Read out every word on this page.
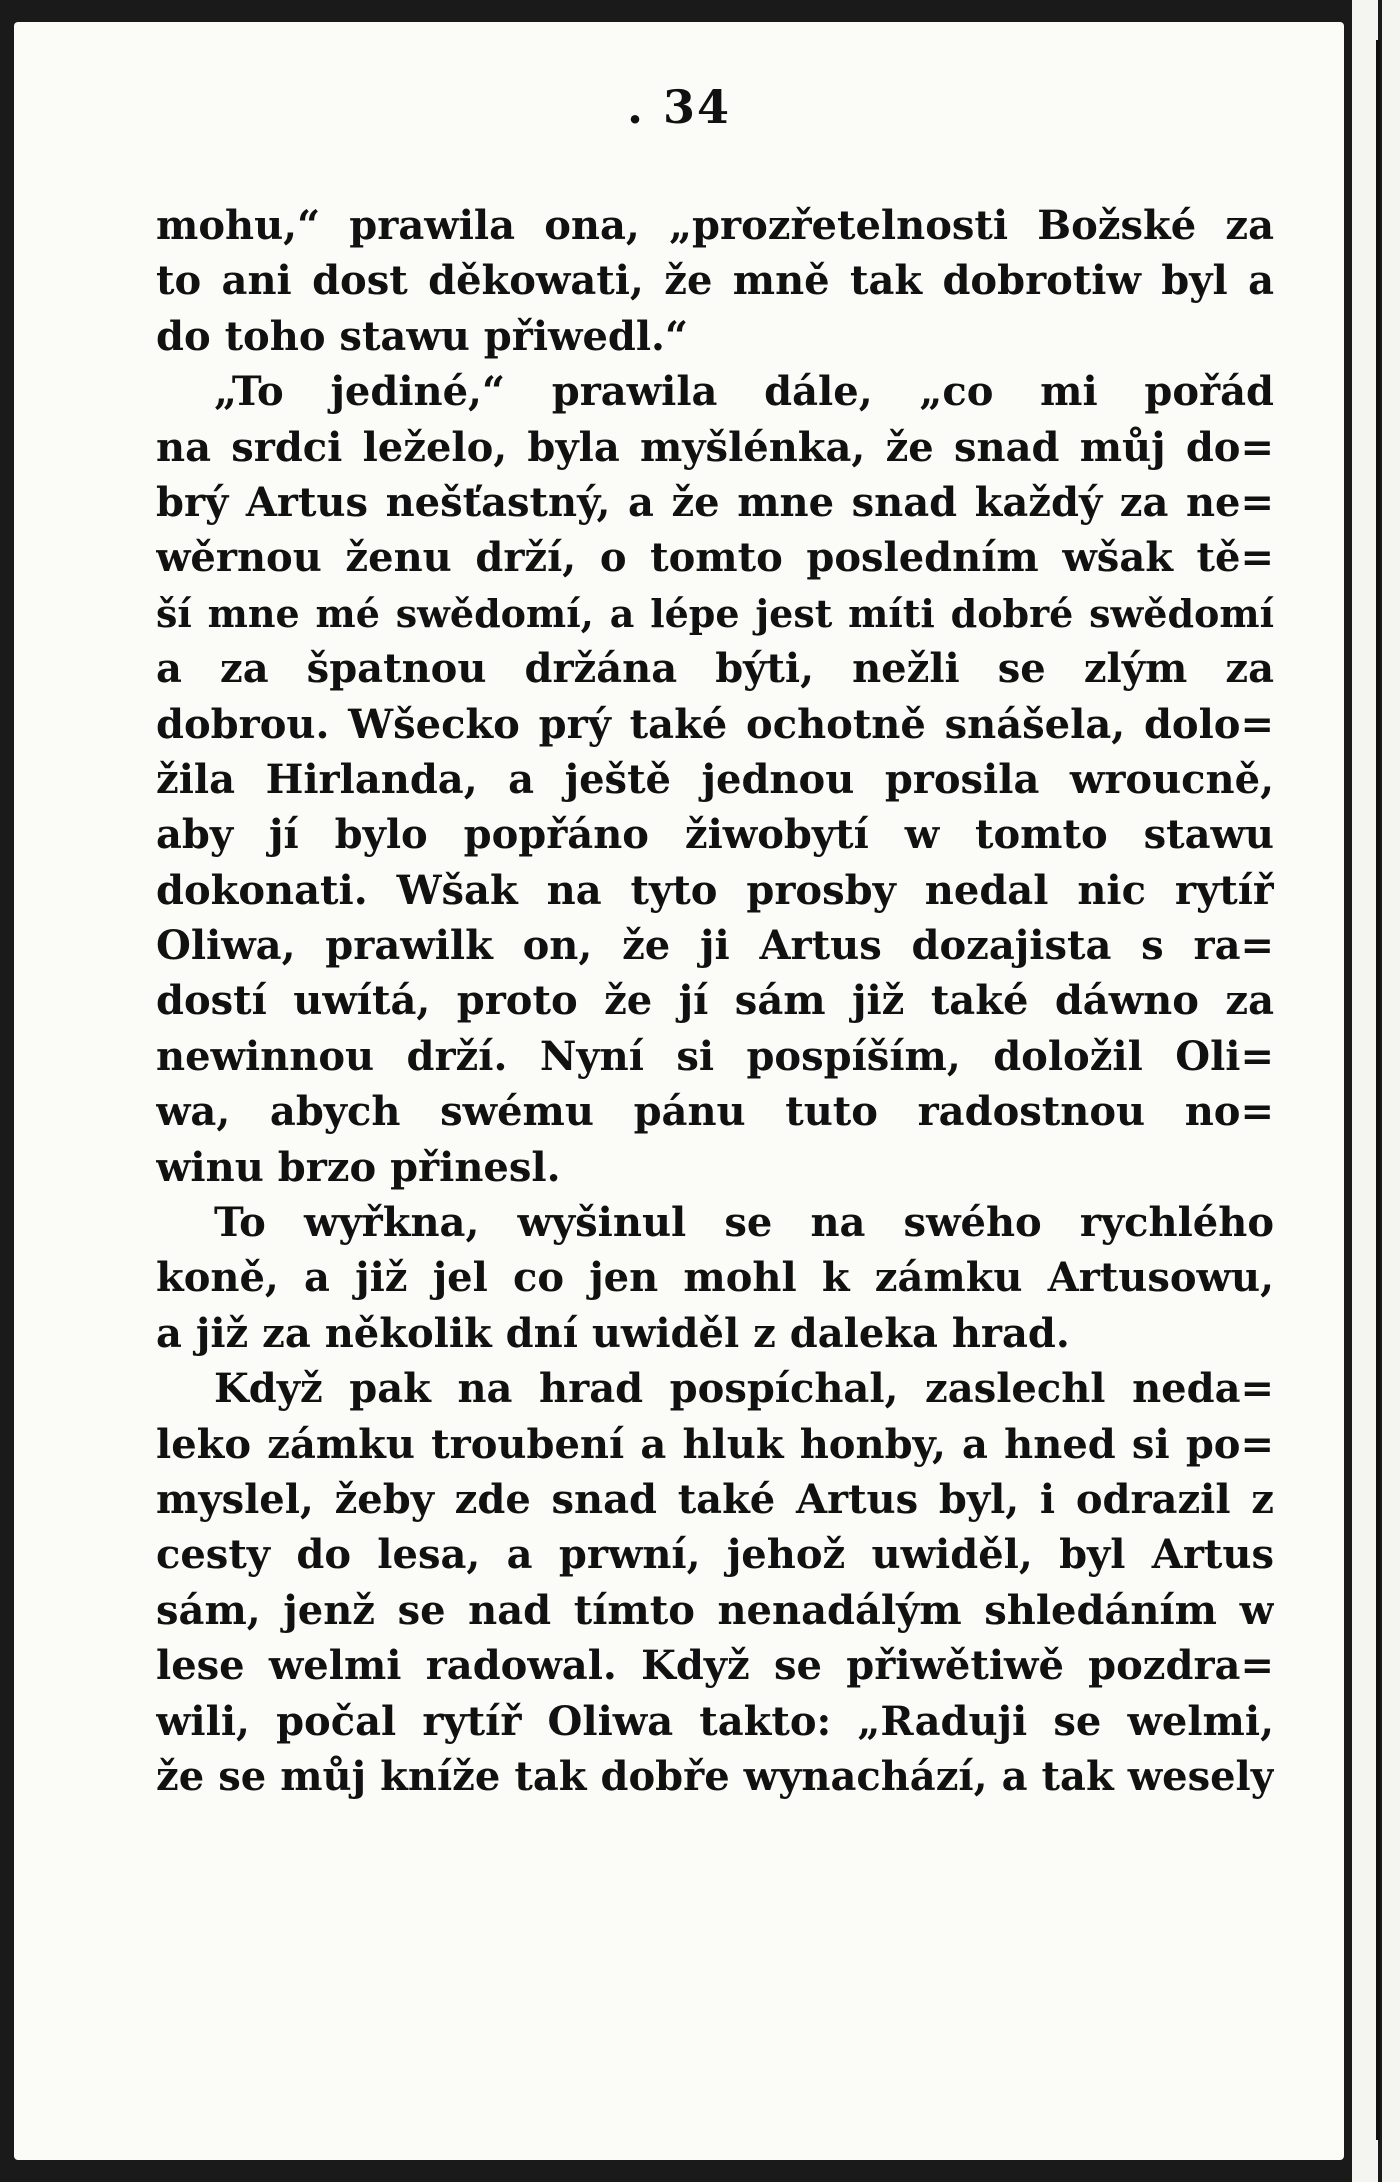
. 34
mohu,“ prawila ona, „prozřetelnosti Božské za
to ani dost děkowati, že mně tak dobrotiw byl a
do toho stawu přiwedl.“
„To jediné,“ prawila dále, „co mi pořád
na srdci leželo, byla myšlénka, že snad můj do=
brý Artus nešťastný, a že mne snad každý za ne=
wěrnou ženu drží, o tomto posledním wšak tě=
ší mne mé swědomí, a lépe jest míti dobré swědomí
a za špatnou držána býti, nežli se zlým za
dobrou. Wšecko prý také ochotně snášela, dolo=
žila Hirlanda, a ještě jednou prosila wroucně,
aby jí bylo popřáno žiwobytí w tomto stawu
dokonati. Wšak na tyto prosby nedal nic rytíř
Oliwa, prawilk on, že ji Artus dozajista s ra=
dostí uwítá, proto že jí sám již také dáwno za
newinnou drží. Nyní si pospíším, doložil Oli=
wa, abych swému pánu tuto radostnou no=
winu brzo přinesl.
To wyřkna, wyšinul se na swého rychlého
koně, a již jel co jen mohl k zámku Artusowu,
a již za několik dní uwiděl z daleka hrad.
Když pak na hrad pospíchal, zaslechl neda=
leko zámku troubení a hluk honby, a hned si po=
myslel, žeby zde snad také Artus byl, i odrazil z
cesty do lesa, a prwní, jehož uwiděl, byl Artus
sám, jenž se nad tímto nenadálým shledáním w
lese welmi radowal. Když se přiwětiwě pozdra=
wili, počal rytíř Oliwa takto: „Raduji se welmi,
že se můj kníže tak dobře wynachází, a tak wesely
